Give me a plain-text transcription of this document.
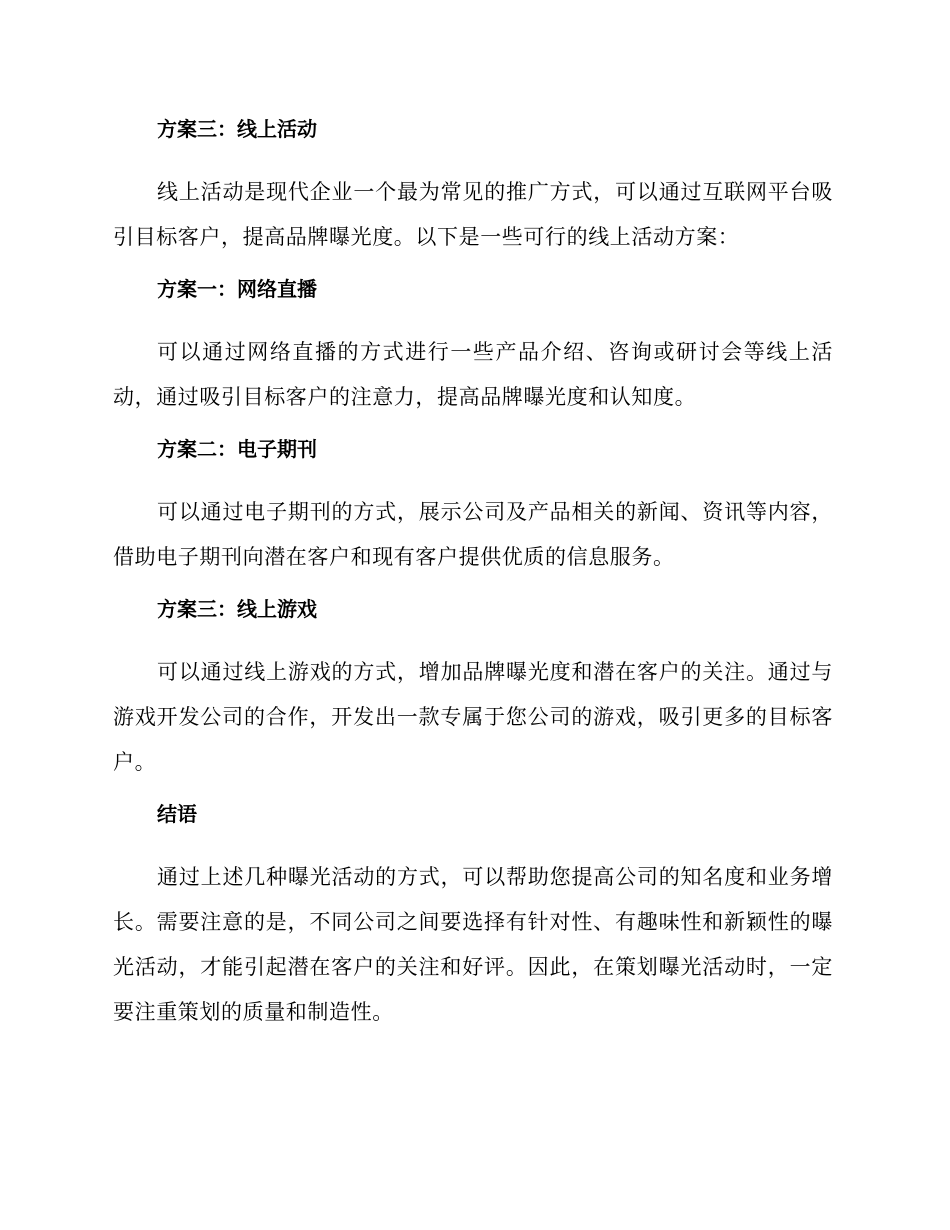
方案三：线上活动

线上活动是现代企业一个最为常见的推广方式，可以通过互联网平台吸引目标客户，提高品牌曝光度。以下是一些可行的线上活动方案：

方案一：网络直播

可以通过网络直播的方式进行一些产品介绍、咨询或研讨会等线上活动，通过吸引目标客户的注意力，提高品牌曝光度和认知度。

方案二：电子期刊

可以通过电子期刊的方式，展示公司及产品相关的新闻、资讯等内容，借助电子期刊向潜在客户和现有客户提供优质的信息服务。

方案三：线上游戏

可以通过线上游戏的方式，增加品牌曝光度和潜在客户的关注。通过与游戏开发公司的合作，开发出一款专属于您公司的游戏，吸引更多的目标客户。

结语

通过上述几种曝光活动的方式，可以帮助您提高公司的知名度和业务增长。需要注意的是，不同公司之间要选择有针对性、有趣味性和新颖性的曝光活动，才能引起潜在客户的关注和好评。因此，在策划曝光活动时，一定要注重策划的质量和制造性。
